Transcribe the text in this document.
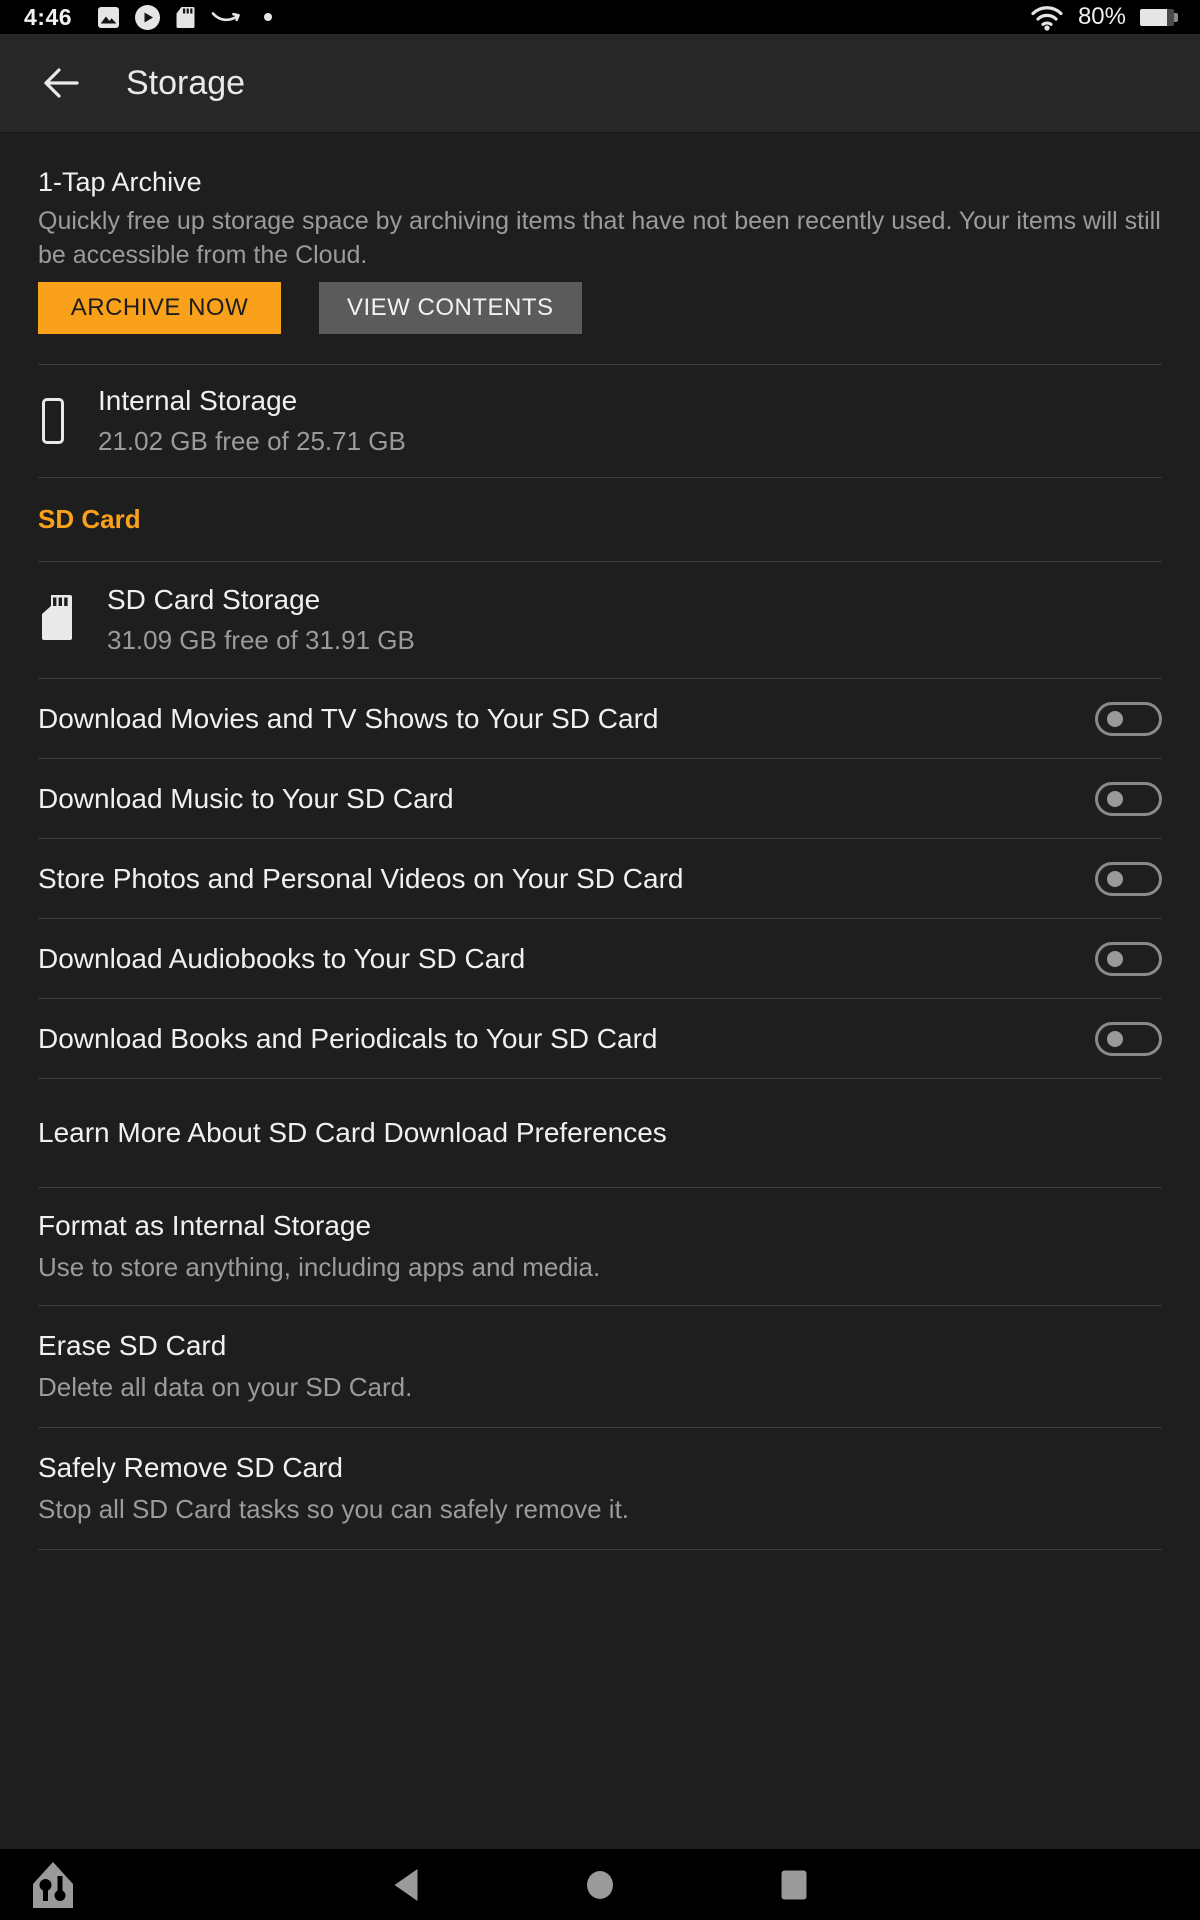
4:46	80%
Storage
1-Tap Archive
Quickly free up storage space by archiving items that have not been recently used. Your items will still be accessible from the Cloud.
ARCHIVE NOW	VIEW CONTENTS
Internal Storage
21.02 GB free of 25.71 GB
SD Card
SD Card Storage
31.09 GB free of 31.91 GB
Download Movies and TV Shows to Your SD Card
Download Music to Your SD Card
Store Photos and Personal Videos on Your SD Card
Download Audiobooks to Your SD Card
Download Books and Periodicals to Your SD Card
Learn More About SD Card Download Preferences
Format as Internal Storage
Use to store anything, including apps and media.
Erase SD Card
Delete all data on your SD Card.
Safely Remove SD Card
Stop all SD Card tasks so you can safely remove it.
